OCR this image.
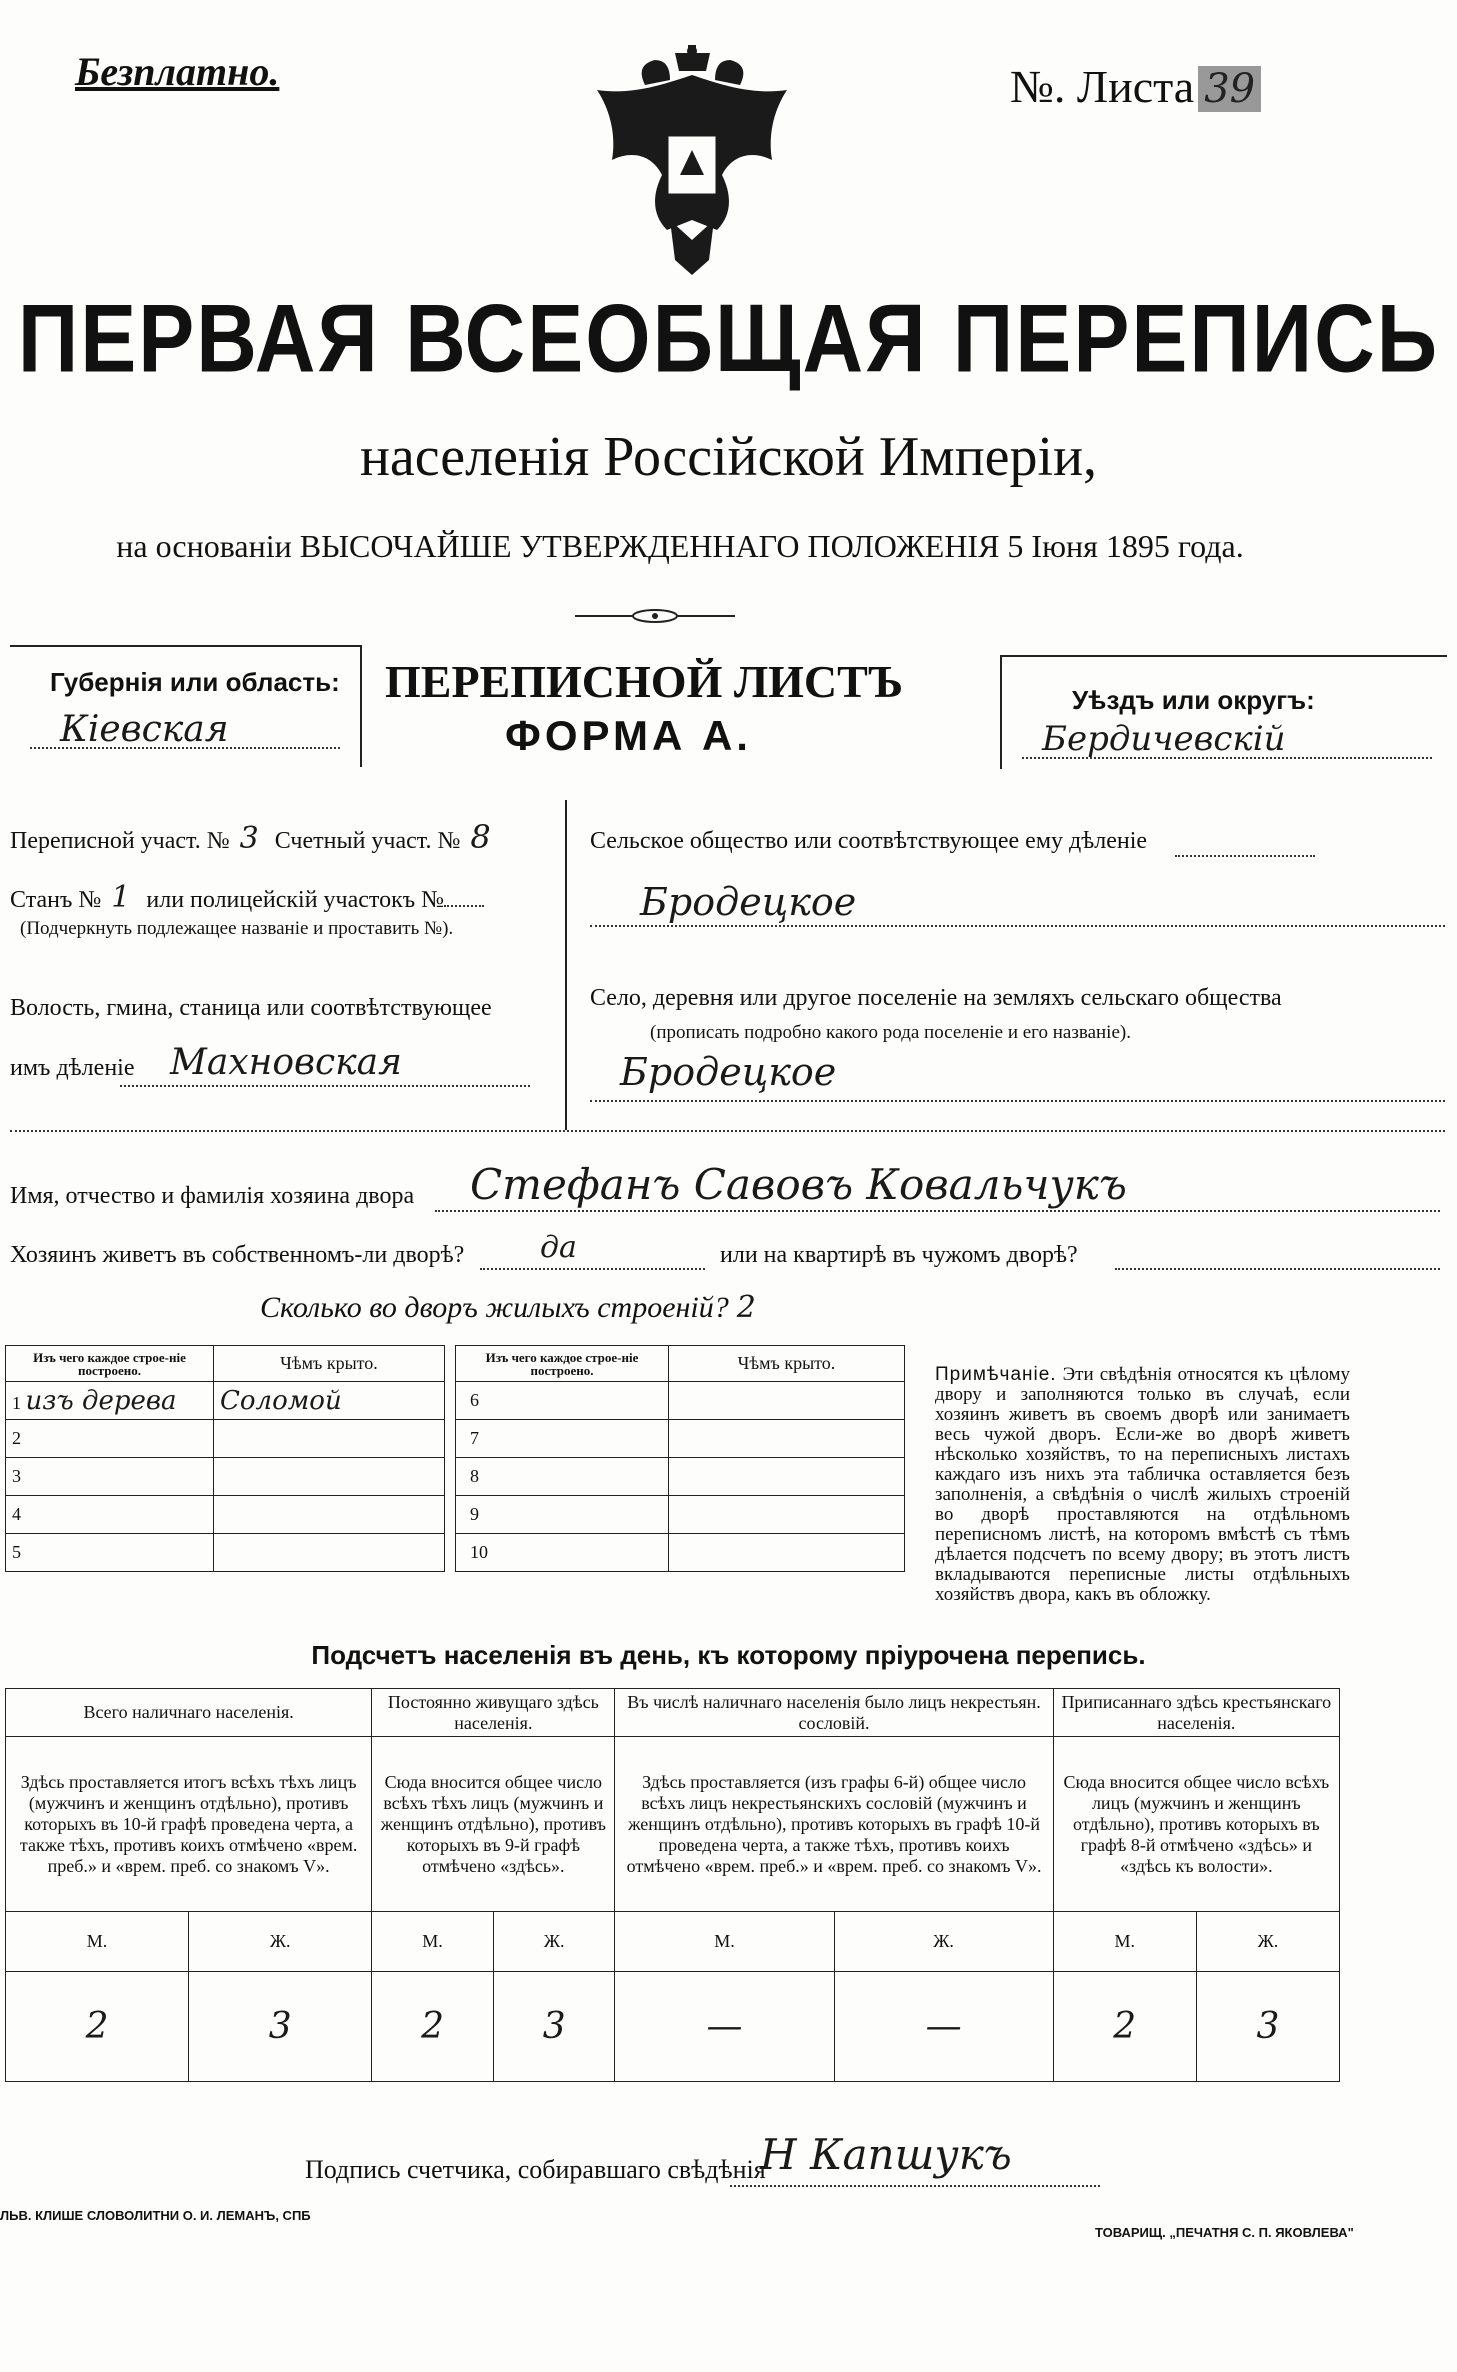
Безплатно.	№. Листа 39
ПЕРВАЯ ВСЕОБЩАЯ ПЕРЕПИСЬ
населенія Россійской Имперіи,
на основаніи ВЫСОЧАЙШЕ УТВЕРЖДЕННАГО ПОЛОЖЕНІЯ 5 Іюня 1895 года.
Губернія или область:
Кіевская
ПЕРЕПИСНОЙ ЛИСТЪ
ФОРМА А.
Уѣздъ или округъ:
Бердичевскій
Переписной участ. № 3 Счетный участ. № 8
Станъ № 1 или полицейскій участокъ №
(Подчеркнуть подлежащее названіе и проставить №).
Волость, гмина, станица или соотвѣтствующее
имъ дѣленіе Махновская
Сельское общество или соотвѣтствующее ему дѣленіе
Бродецкое
Село, деревня или другое поселеніе на земляхъ сельскаго общества
(прописать подробно какого рода поселеніе и его названіе).
Бродецкое
Имя, отчество и фамилія хозяина двора Стефанъ Савовъ Ковальчукъ
Хозяинъ живетъ въ собственномъ-ли дворѣ?	да	или на квартирѣ въ чужомъ дворѣ?
Сколько во дворъ жилыхъ строеній? 2
Изъ чего каждое строе-ніе построено.	Чѣмъ крыто.
1 изъ дерева	Соломой
2	
3	
4	
5	
Изъ чего каждое строе-ніе построено.	Чѣмъ крыто.
6	
7	
8	
9	
10	
Примѣчаніе. Эти свѣдѣнія относятся къ цѣлому двору и заполняются только въ случаѣ, если хозяинъ живетъ въ своемъ дворѣ или занимаетъ весь чужой дворъ. Если-же во дворѣ живетъ нѣсколько хозяйствъ, то на переписныхъ листахъ каждаго изъ нихъ эта табличка оставляется безъ заполненія, а свѣдѣнія о числѣ жилыхъ строеній во дворѣ проставляются на отдѣльномъ переписномъ листѣ, на которомъ вмѣстѣ съ тѣмъ дѣлается подсчетъ по всему двору; въ этотъ листъ вкладываются переписные листы отдѣльныхъ хозяйствъ двора, какъ въ обложку.
Подсчетъ населенія въ день, къ которому пріурочена перепись.
Всего наличнаго населенія.		Постоянно живущаго здѣсь населенія.		Въ числѣ наличнаго населенія было лицъ некрестьян. сословій.		Приписаннаго здѣсь крестьянскаго населенія.	
Здѣсь проставляется итогъ всѣхъ тѣхъ лицъ (мужчинъ и женщинъ отдѣльно), противъ которыхъ въ 10-й графѣ проведена черта, а также тѣхъ, противъ коихъ отмѣчено «врем. преб.» и «врем. преб. со знакомъ V».		Сюда вносится общее число всѣхъ тѣхъ лицъ (мужчинъ и женщинъ отдѣльно), противъ которыхъ въ 9-й графѣ отмѣчено «здѣсь».		Здѣсь проставляется (изъ графы 6-й) общее число всѣхъ лицъ некрестьянскихъ сословій (мужчинъ и женщинъ отдѣльно), противъ которыхъ въ графѣ 10-й проведена черта, а также тѣхъ, противъ коихъ отмѣчено «врем. преб.» и «врем. преб. со знакомъ V».		Сюда вносится общее число всѣхъ лицъ (мужчинъ и женщинъ отдѣльно), противъ которыхъ въ графѣ 8-й отмѣчено «здѣсь» и «здѣсь къ волости».	
М.	Ж.	М.	Ж.	М.	Ж.	М.	Ж.
2	3	2	3	—	—	2	3
Подпись счетчика, собиравшаго свѣдѣнія
Н Капшукъ
ЛЬВ. КЛИШЕ СЛОВОЛИТНИ О. И. ЛЕМАНЪ, СПБ
ТОВАРИЩ. „ПЕЧАТНЯ С. П. ЯКОВЛЕВА"
